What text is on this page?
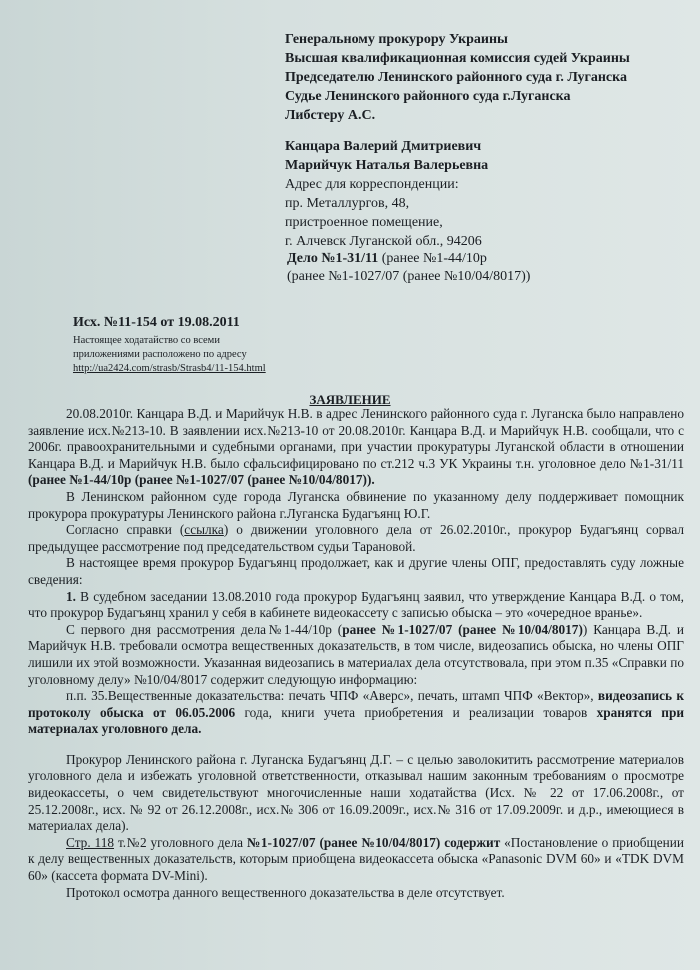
Генеральному прокурору Украины
Высшая квалификационная комиссия судей Украины
Председателю Ленинского районного суда г. Луганска
Судье Ленинского районного суда г.Луганска
Либстеру А.С.
Канцара Валерий Дмитриевич
Марийчук Наталья Валерьевна
Адрес для корреспонденции:
пр. Металлургов, 48,
пристроенное помещение,
г. Алчевск Луганской обл., 94206
Дело №1-31/11 (ранее №1-44/10р
(ранее №1-1027/07 (ранее №10/04/8017))
Исх. №11-154 от 19.08.2011
Настоящее ходатайство со всеми
приложениями расположено по адресу
http://ua2424.com/strasb/Strasb4/11-154.html
ЗАЯВЛЕНИЕ

20.08.2010г. Канцара В.Д. и Марийчук Н.В. в адрес Ленинского районного суда г. Луганска было направлено заявление исх.№213-10. В заявлении исх.№213-10 от 20.08.2010г. Канцара В.Д. и Марийчук Н.В. сообщали, что с 2006г. правоохранительными и судебными органами, при участии прокуратуры Луганской области в отношении Канцара В.Д. и Марийчук Н.В. было сфальсифицировано по ст.212 ч.3 УК Украины т.н. уголовное дело №1-31/11 (ранее №1-44/10р (ранее №1-1027/07 (ранее №10/04/8017)).

В Ленинском районном суде города Луганска обвинение по указанному делу поддерживает помощник прокурора прокуратуры Ленинского района г.Луганска Будагъянц Ю.Г.

Согласно справки (ссылка) о движении уголовного дела от 26.02.2010г., прокурор Будагъянц сорвал предыдущее рассмотрение под председательством судьи Тарановой.

В настоящее время прокурор Будагъянц продолжает, как и другие члены ОПГ, предоставлять суду ложные сведения:

1. В судебном заседании 13.08.2010 года прокурор Будагъянц заявил, что утверждение Канцара В.Д. о том, что прокурор Будагъянц хранил у себя в кабинете видеокассету с записью обыска – это «очередное вранье».

С первого дня рассмотрения дела№1-44/10р (ранее №1-1027/07 (ранее №10/04/8017)) Канцара В.Д. и Марийчук Н.В. требовали осмотра вещественных доказательств, в том числе, видеозапись обыска, но члены ОПГ лишили их этой возможности. Указанная видеозапись в материалах дела отсутствовала, при этом п.35 «Справки по уголовному делу» №10/04/8017 содержит следующую информацию:

п.п. 35.Вещественные доказательства: печать ЧПФ «Аверс», печать, штамп ЧПФ «Вектор», видеозапись к протоколу обыска от 06.05.2006 года, книги учета приобретения и реализации товаров хранятся при материалах уголовного дела.

Прокурор Ленинского района г. Луганска Будагъянц Д.Г. – с целью заволокитить рассмотрение материалов уголовного дела и избежать уголовной ответственности, отказывал нашим законным требованиям о просмотре видеокассеты, о чем свидетельствуют многочисленные наши ходатайства (Исх. № 22 от 17.06.2008г., от 25.12.2008г., исх. № 92 от 26.12.2008г., исх.№ 306 от 16.09.2009г., исх.№ 316 от 17.09.2009г. и д.р., имеющиеся в материалах дела).

Стр. 118 т.№2 уголовного дела №1-1027/07 (ранее №10/04/8017) содержит «Постановление о приобщении к делу вещественных доказательств, которым приобщена видеокассета обыска «Panasonic DVM 60» и «TDK DVM 60» (кассета формата DV-Mini).

Протокол осмотра данного вещественного доказательства в деле отсутствует.
